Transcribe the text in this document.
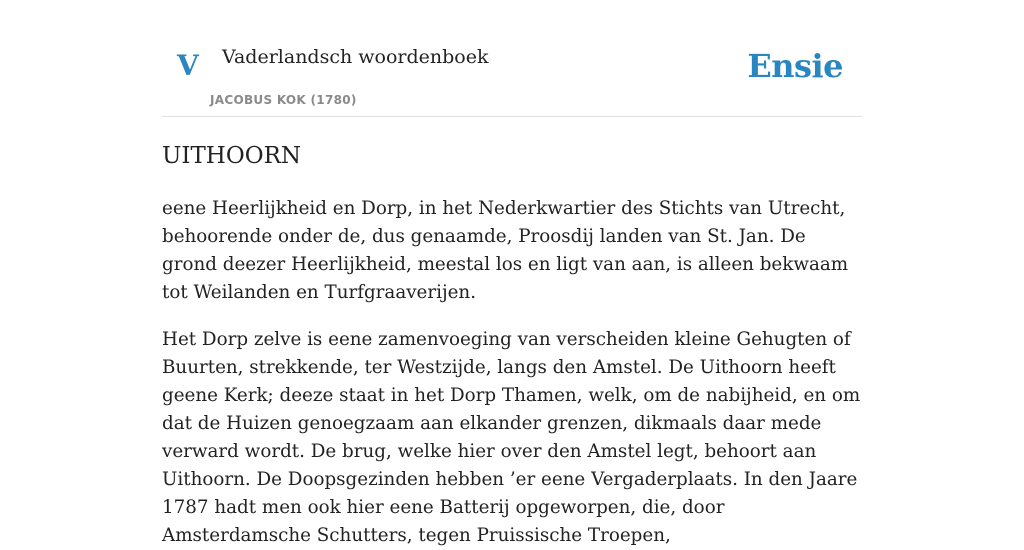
V Vaderlandsch woordenboek
JACOBUS KOK (1780)
Ensie
UITHOORN

eene Heerlijkheid en Dorp, in het Nederkwartier des Stichts van Utrecht, behoorende onder de, dus genaamde, Proosdij landen van St. Jan. De grond deezer Heerlijkheid, meestal los en ligt van aan, is alleen bekwaam tot Weilanden en Turfgraaverijen.

Het Dorp zelve is eene zamenvoeging van verscheiden kleine Gehugten of Buurten, strekkende, ter Westzijde, langs den Amstel. De Uithoorn heeft geene Kerk; deeze staat in het Dorp Thamen, welk, om de nabijheid, en om dat de Huizen genoegzaam aan elkander grenzen, dikmaals daar mede verward wordt. De brug, welke hier over den Amstel legt, behoort aan Uithoorn. De Doopsgezinden hebben ’er eene Vergaderplaats. In den Jaare 1787 hadt men ook hier eene Batterij opgeworpen, die, door Amsterdamsche Schutters, tegen Pruissische Troepen,
